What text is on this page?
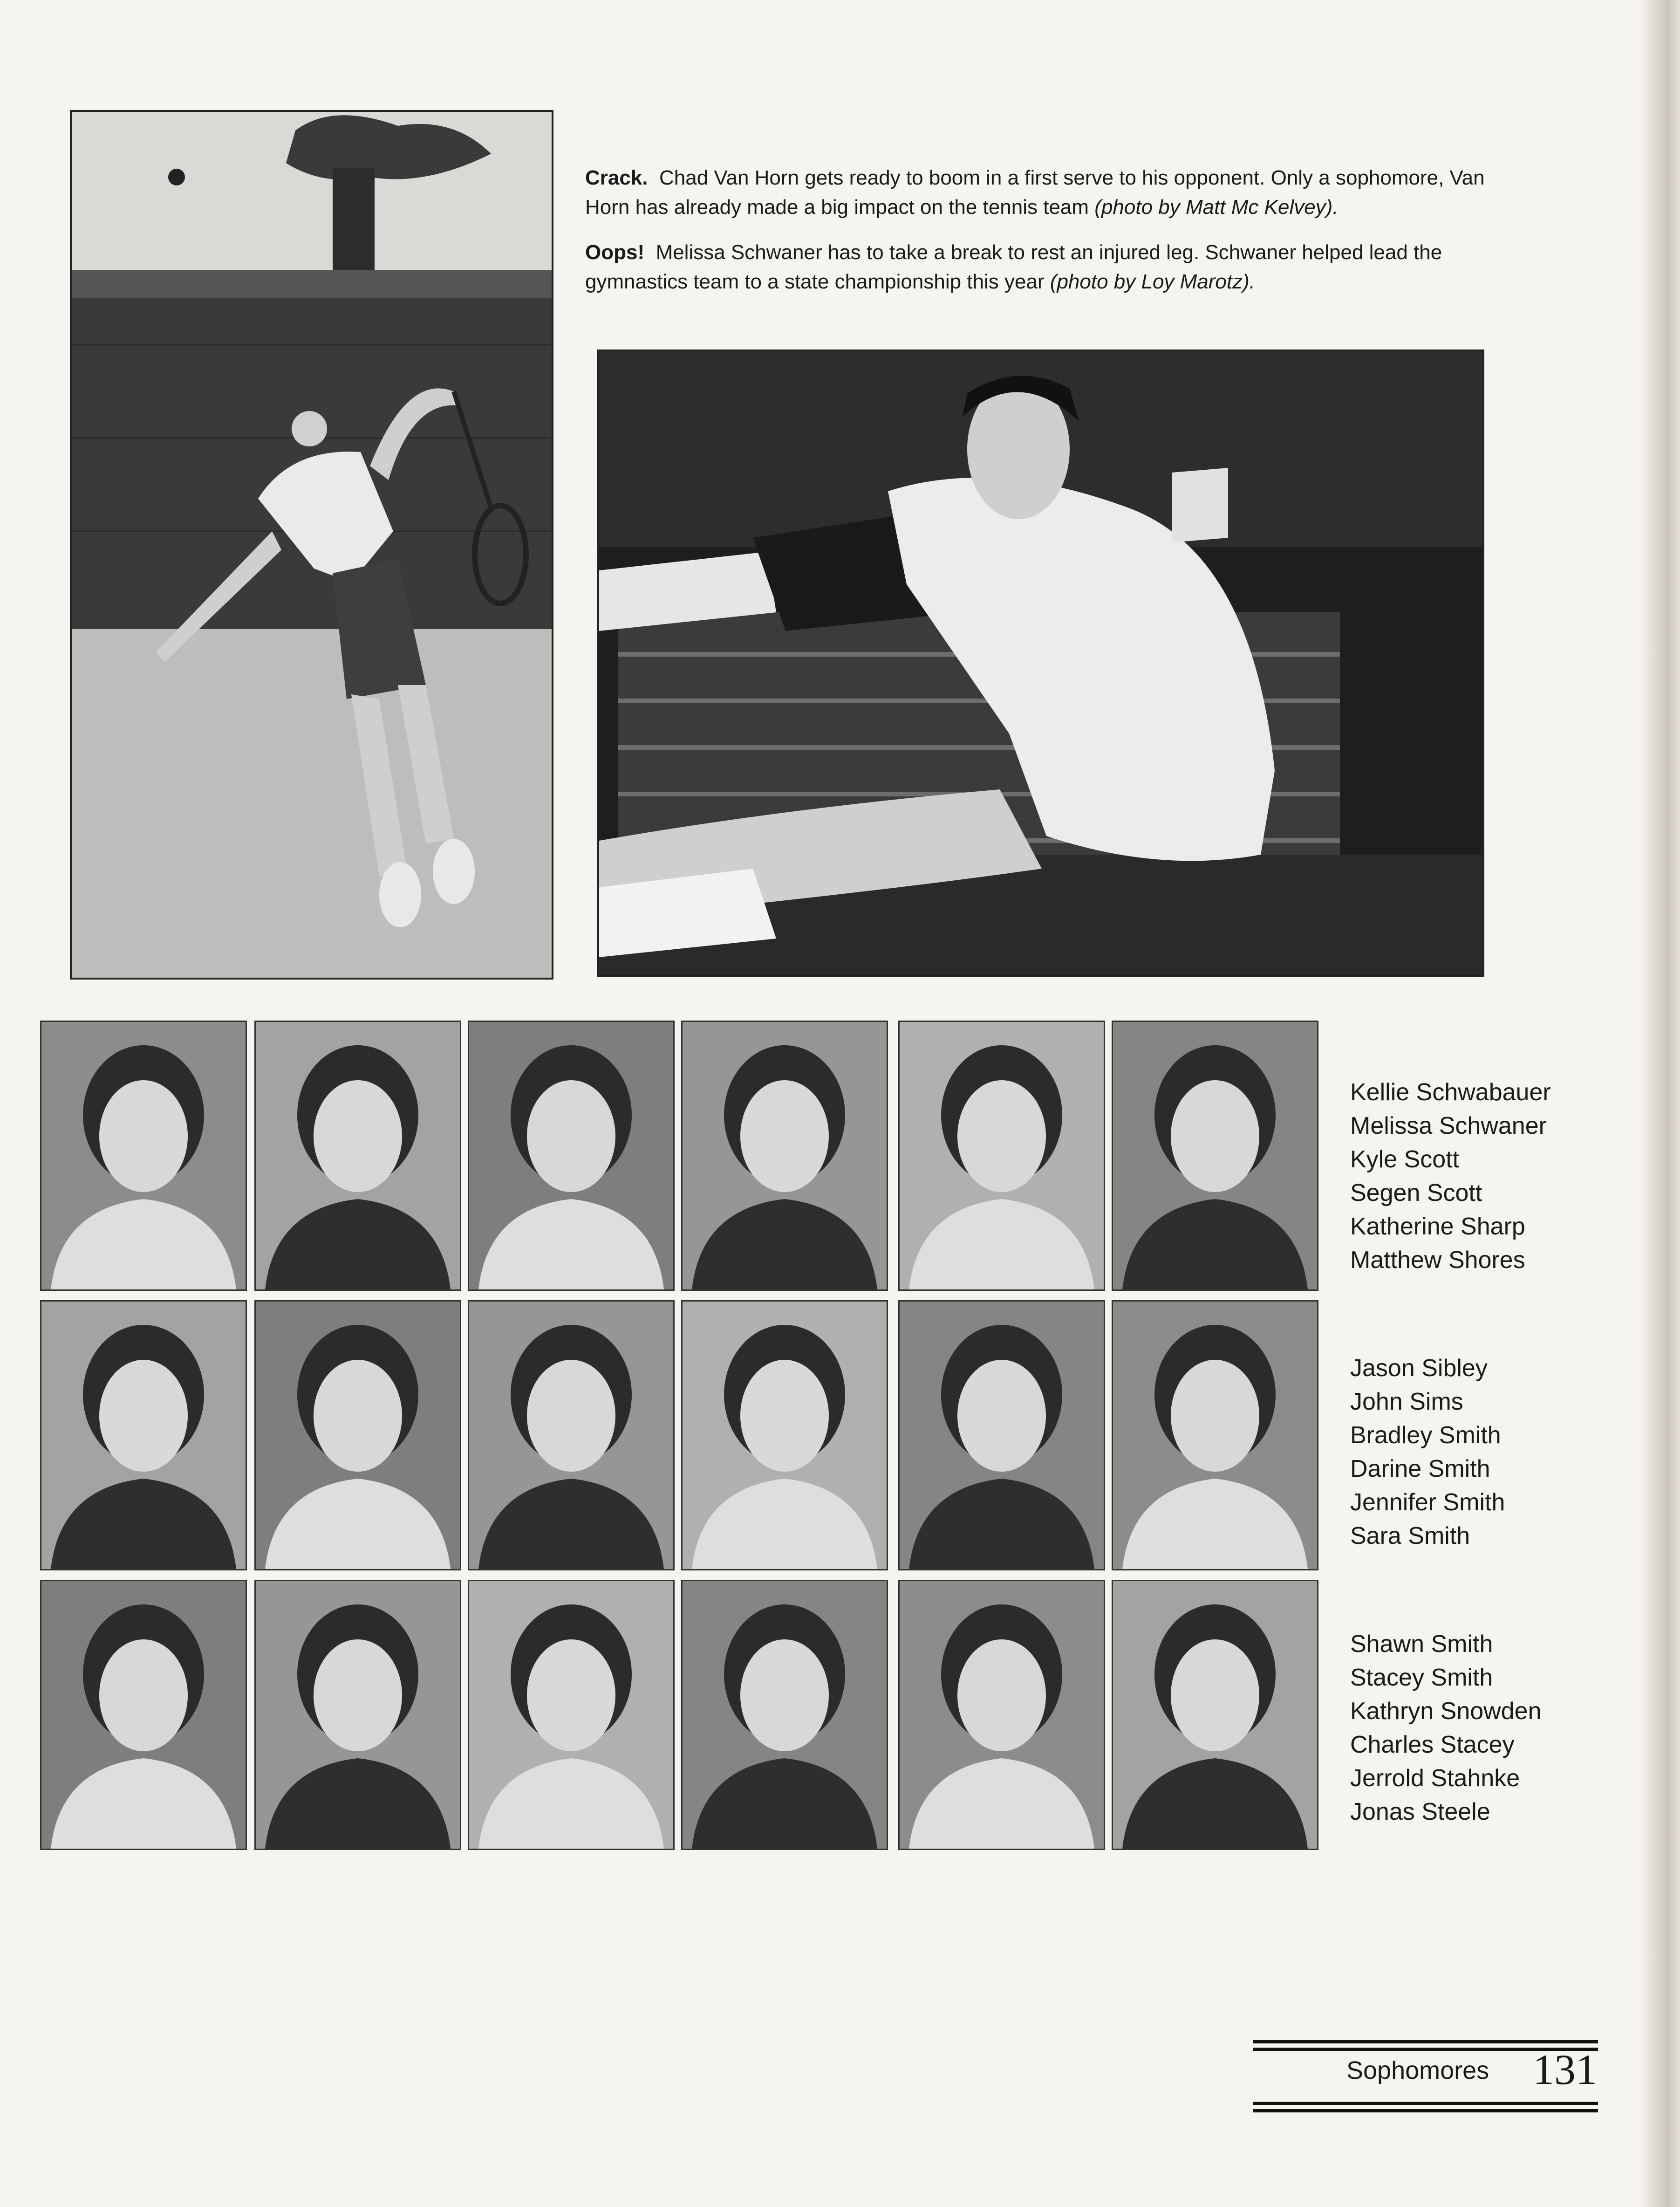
Crack. Chad Van Horn gets ready to boom in a first serve to his opponent. Only a sophomore, Van Horn has already made a big impact on the tennis team (photo by Matt Mc Kelvey).

Oops! Melissa Schwaner has to take a break to rest an injured leg. Schwaner helped lead the gymnastics team to a state championship this year (photo by Loy Marotz).

Kellie Schwabauer
Melissa Schwaner
Kyle Scott
Segen Scott
Katherine Sharp
Matthew Shores
Jason Sibley
John Sims
Bradley Smith
Darine Smith
Jennifer Smith
Sara Smith
Shawn Smith
Stacey Smith
Kathryn Snowden
Charles Stacey
Jerrold Stahnke
Jonas Steele
Sophomores 131
